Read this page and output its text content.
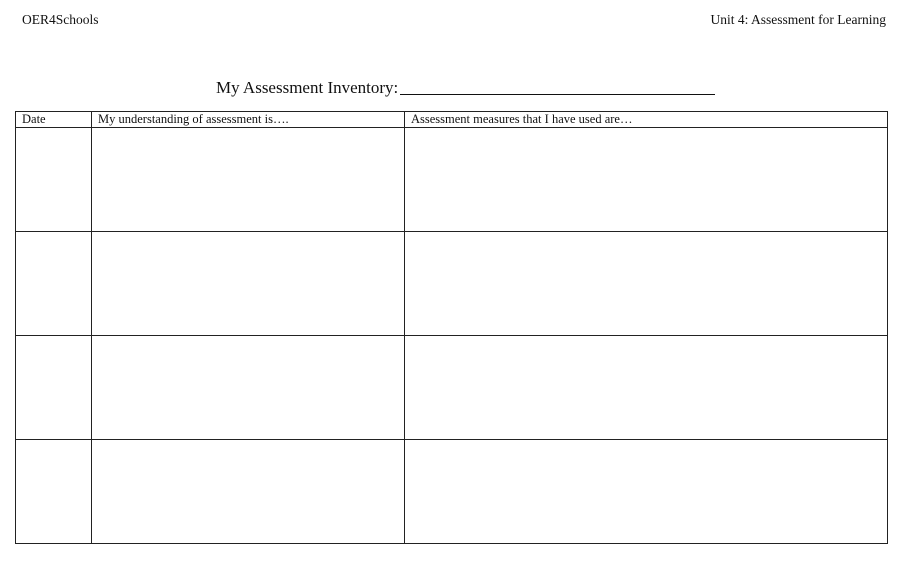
OER4Schools	Unit 4: Assessment for Learning
My Assessment Inventory:
Date	My understanding of assessment is….	Assessment measures that I have used are…
